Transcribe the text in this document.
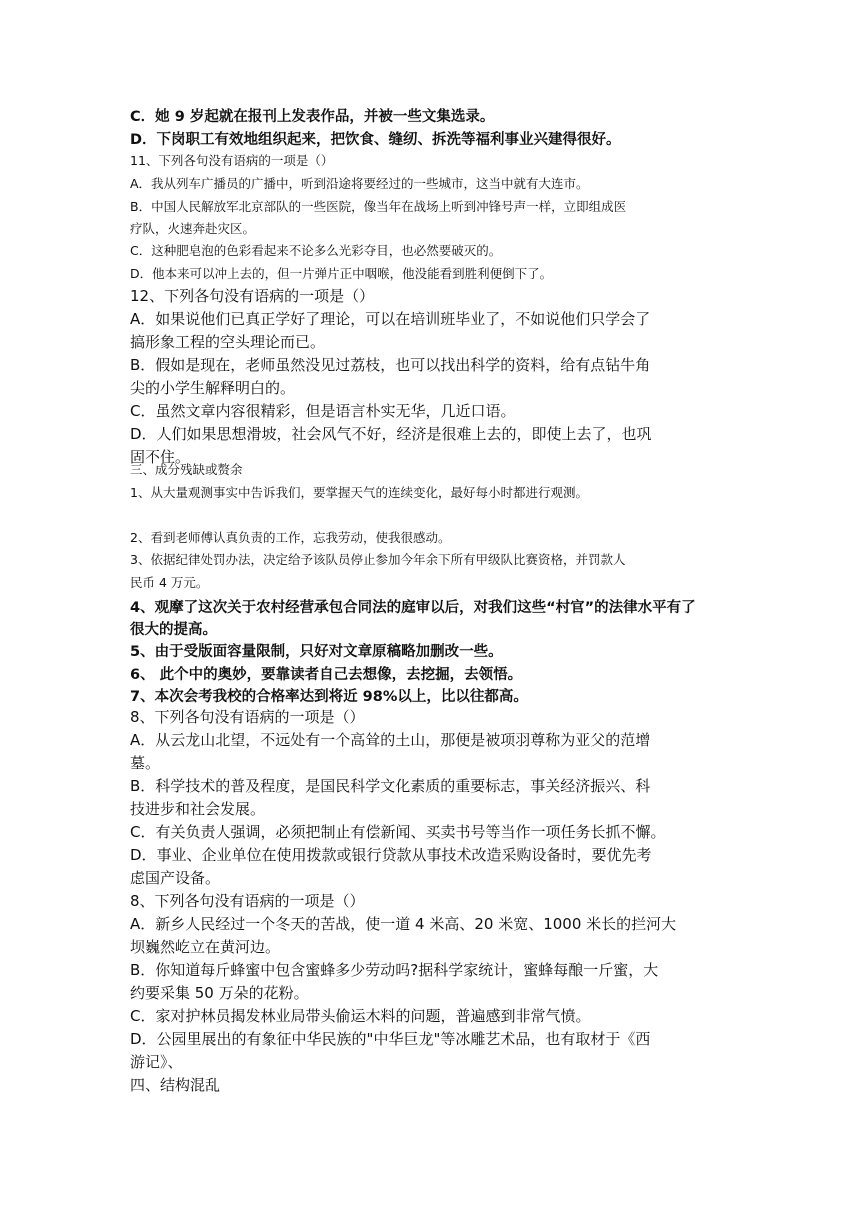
C．她 9 岁起就在报刊上发表作品，并被一些文集选录。
D．下岗职工有效地组织起来，把饮食、缝纫、拆洗等福利事业兴建得很好。
11、下列各句没有语病的一项是（）
A．我从列车广播员的广播中，听到沿途将要经过的一些城市，这当中就有大连市。
B．中国人民解放军北京部队的一些医院，像当年在战场上听到冲锋号声一样，立即组成医
疗队，火速奔赴灾区。
C．这种肥皂泡的色彩看起来不论多么光彩夺目，也必然要破灭的。
D．他本来可以冲上去的，但一片弹片正中咽喉，他没能看到胜利便倒下了。
12、下列各句没有语病的一项是（）
A．如果说他们已真正学好了理论，可以在培训班毕业了，不如说他们只学会了
搞形象工程的空头理论而已。
B．假如是现在，老师虽然没见过荔枝，也可以找出科学的资料，给有点钻牛角
尖的小学生解释明白的。
C．虽然文章内容很精彩，但是语言朴实无华，几近口语。
D．人们如果思想滑坡，社会风气不好，经济是很难上去的，即使上去了，也巩
固不住。
三、成分残缺或赘余
1、从大量观测事实中告诉我们，要掌握天气的连续变化，最好每小时都进行观测。
2、看到老师傅认真负责的工作，忘我劳动，使我很感动。
3、依据纪律处罚办法，决定给予该队员停止参加今年余下所有甲级队比赛资格，并罚款人
民币 4 万元。
4、观摩了这次关于农村经营承包合同法的庭审以后，对我们这些“村官”的法律水平有了
很大的提高。
5、由于受版面容量限制，只好对文章原稿略加删改一些。
6、 此个中的奥妙，要靠读者自己去想像，去挖掘，去领悟。
7、本次会考我校的合格率达到将近 98%以上，比以往都高。
8、下列各句没有语病的一项是（）
A．从云龙山北望，不远处有一个高耸的土山，那便是被项羽尊称为亚父的范增
墓。
B．科学技术的普及程度，是国民科学文化素质的重要标志，事关经济振兴、科
技进步和社会发展。
C．有关负责人强调，必须把制止有偿新闻、买卖书号等当作一项任务长抓不懈。
D．事业、企业单位在使用拨款或银行贷款从事技术改造采购设备时，要优先考
虑国产设备。
8、下列各句没有语病的一项是（）
A．新乡人民经过一个冬天的苦战，使一道 4 米高、20 米宽、1000 米长的拦河大
坝巍然屹立在黄河边。
B．你知道每斤蜂蜜中包含蜜蜂多少劳动吗?据科学家统计，蜜蜂每酿一斤蜜，大
约要采集 50 万朵的花粉。
C．家对护林员揭发林业局带头偷运木料的问题，普遍感到非常气愤。
D．公园里展出的有象征中华民族的"中华巨龙"等冰雕艺术品，也有取材于《西
游记》、
四、结构混乱
